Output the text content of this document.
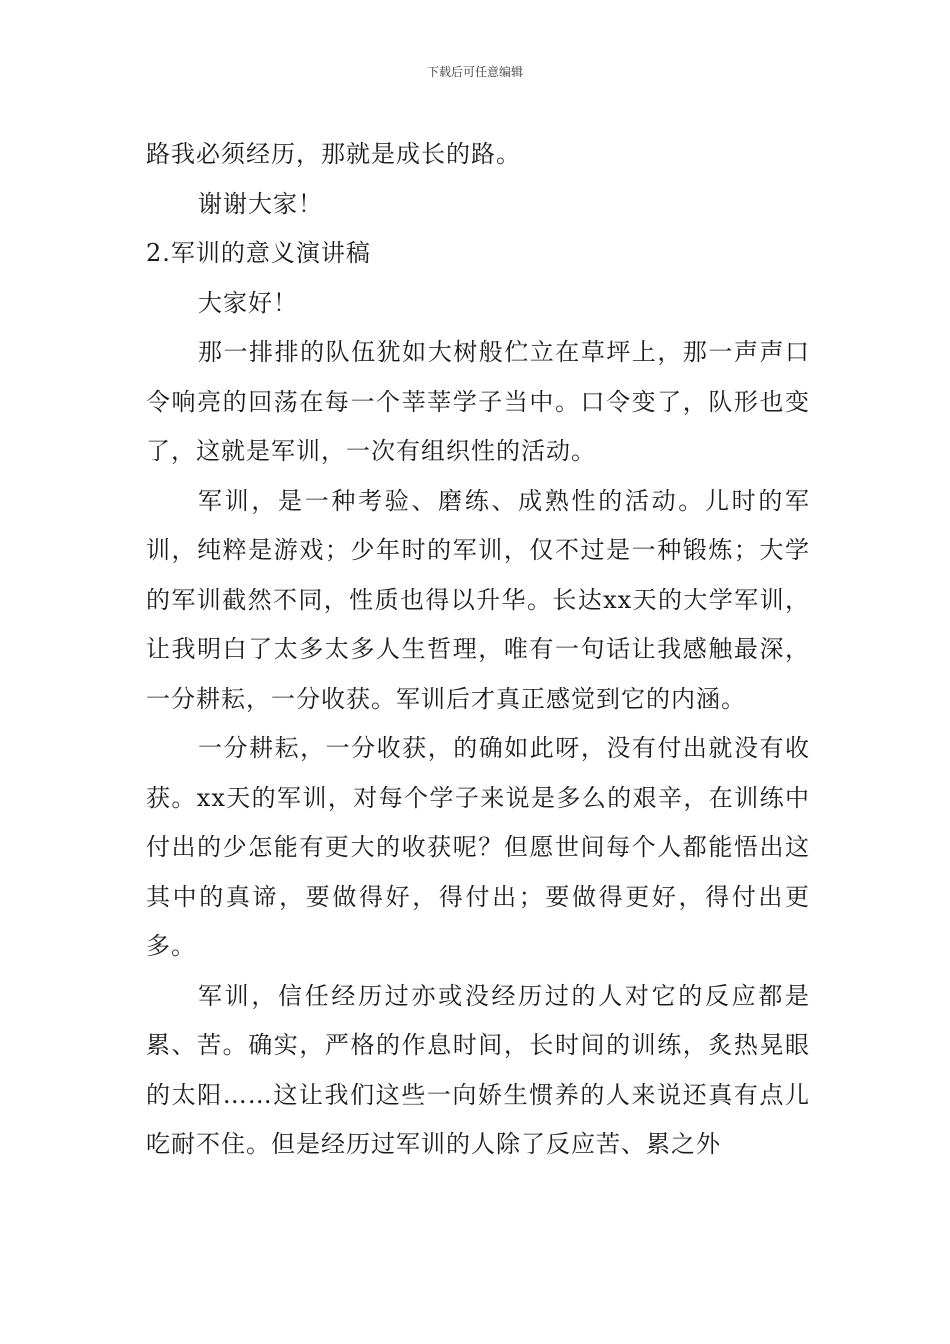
下载后可任意编辑

路我必须经历，那就是成长的路。

谢谢大家！

2.军训的意义演讲稿

大家好！

那一排排的队伍犹如大树般伫立在草坪上，那一声声口令响亮的回荡在每一个莘莘学子当中。口令变了，队形也变了，这就是军训，一次有组织性的活动。

军训，是一种考验、磨练、成熟性的活动。儿时的军训，纯粹是游戏；少年时的军训，仅不过是一种锻炼；大学的军训截然不同，性质也得以升华。长达xx天的大学军训，让我明白了太多太多人生哲理，唯有一句话让我感触最深，一分耕耘，一分收获。军训后才真正感觉到它的内涵。

一分耕耘，一分收获，的确如此呀，没有付出就没有收获。xx天的军训，对每个学子来说是多么的艰辛，在训练中付出的少怎能有更大的收获呢？但愿世间每个人都能悟出这其中的真谛，要做得好，得付出；要做得更好，得付出更多。

军训，信任经历过亦或没经历过的人对它的反应都是累、苦。确实，严格的作息时间，长时间的训练，炙热晃眼的太阳……这让我们这些一向娇生惯养的人来说还真有点儿吃耐不住。但是经历过军训的人除了反应苦、累之外
